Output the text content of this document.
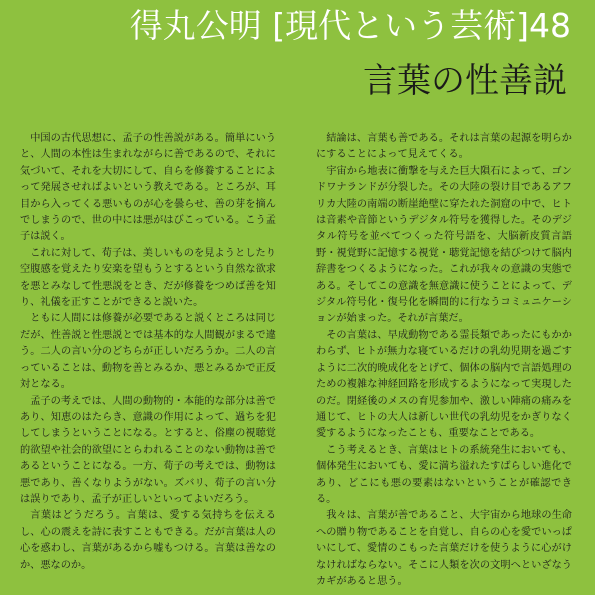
得丸公明 [現代という芸術]48
言葉の性善説

中国の古代思想に、孟子の性善説がある。簡単にいうと、人間の本性は生まれながらに善であるので、それに気づいて、それを大切にして、自らを修養することによって発展させればよいという教えである。ところが、耳目から入ってくる悪いものが心を曇らせ、善の芽を摘んでしまうので、世の中には悪がはびこっている。こう孟子は説く。

これに対して、荀子は、美しいものを見ようとしたり空腹感を覚えたり安楽を望もうとするという自然な欲求を悪とみなして性悪説をとき、だが修養をつめば善を知り、礼儀を正すことができると説いた。

ともに人間には修養が必要であると説くところは同じだが、性善説と性悪説とでは基本的な人間観がまるで違う。二人の言い分のどちらが正しいだろうか。二人の言っていることは、動物を善とみるか、悪とみるかで正反対となる。

孟子の考えでは、人間の動物的・本能的な部分は善であり、知恵のはたらき、意識の作用によって、過ちを犯してしまうということになる。とすると、俗塵の視聴覚的欲望や社会的欲望にとらわれることのない動物は善であるということになる。一方、荀子の考えでは、動物は悪であり、善くなりようがない。ズバリ、荀子の言い分は誤りであり、孟子が正しいといってよいだろう。

言葉はどうだろう。言葉は、愛する気持ちを伝えるし、心の震えを詩に表すこともできる。だが言葉は人の心を惑わし、言葉があるから嘘もつける。言葉は善なのか、悪なのか。

結論は、言葉も善である。それは言葉の起源を明らかにすることによって見えてくる。

宇宙から地表に衝撃を与えた巨大隕石によって、ゴンドワナランドが分裂した。その大陸の裂け目であるアフリカ大陸の南端の断崖絶壁に穿たれた洞窟の中で、ヒトは音素や音節というデジタル符号を獲得した。そのデジタル符号を並べてつくった符号語を、大脳新皮質言語野・視覚野に記憶する視覚・聴覚記憶を結びつけて脳内辞書をつくるようになった。これが我々の意識の実態である。そしてこの意識を無意識に使うことによって、デジタル符号化・復号化を瞬間的に行なうコミュニケーションが始まった。それが言葉だ。

その言葉は、早成動物である霊長類であったにもかかわらず、ヒトが無力な寝ているだけの乳幼児期を過ごすように二次的晩成化をとげて、個体の脳内で言語処理のための複雑な神経回路を形成するようになって実現したのだ。閉経後のメスの育児参加や、激しい陣痛の痛みを通じて、ヒトの大人は新しい世代の乳幼児をかぎりなく愛するようになったことも、重要なことである。

こう考えるとき、言葉はヒトの系統発生においても、個体発生においても、愛に満ち溢れたすばらしい進化であり、どこにも悪の要素はないということが確認できる。

我々は、言葉が善であること、大宇宙から地球の生命への贈り物であることを自覚し、自らの心を愛でいっぱいにして、愛情のこもった言葉だけを使うように心がけなければならない。そこに人類を次の文明へといざなうカギがあると思う。
